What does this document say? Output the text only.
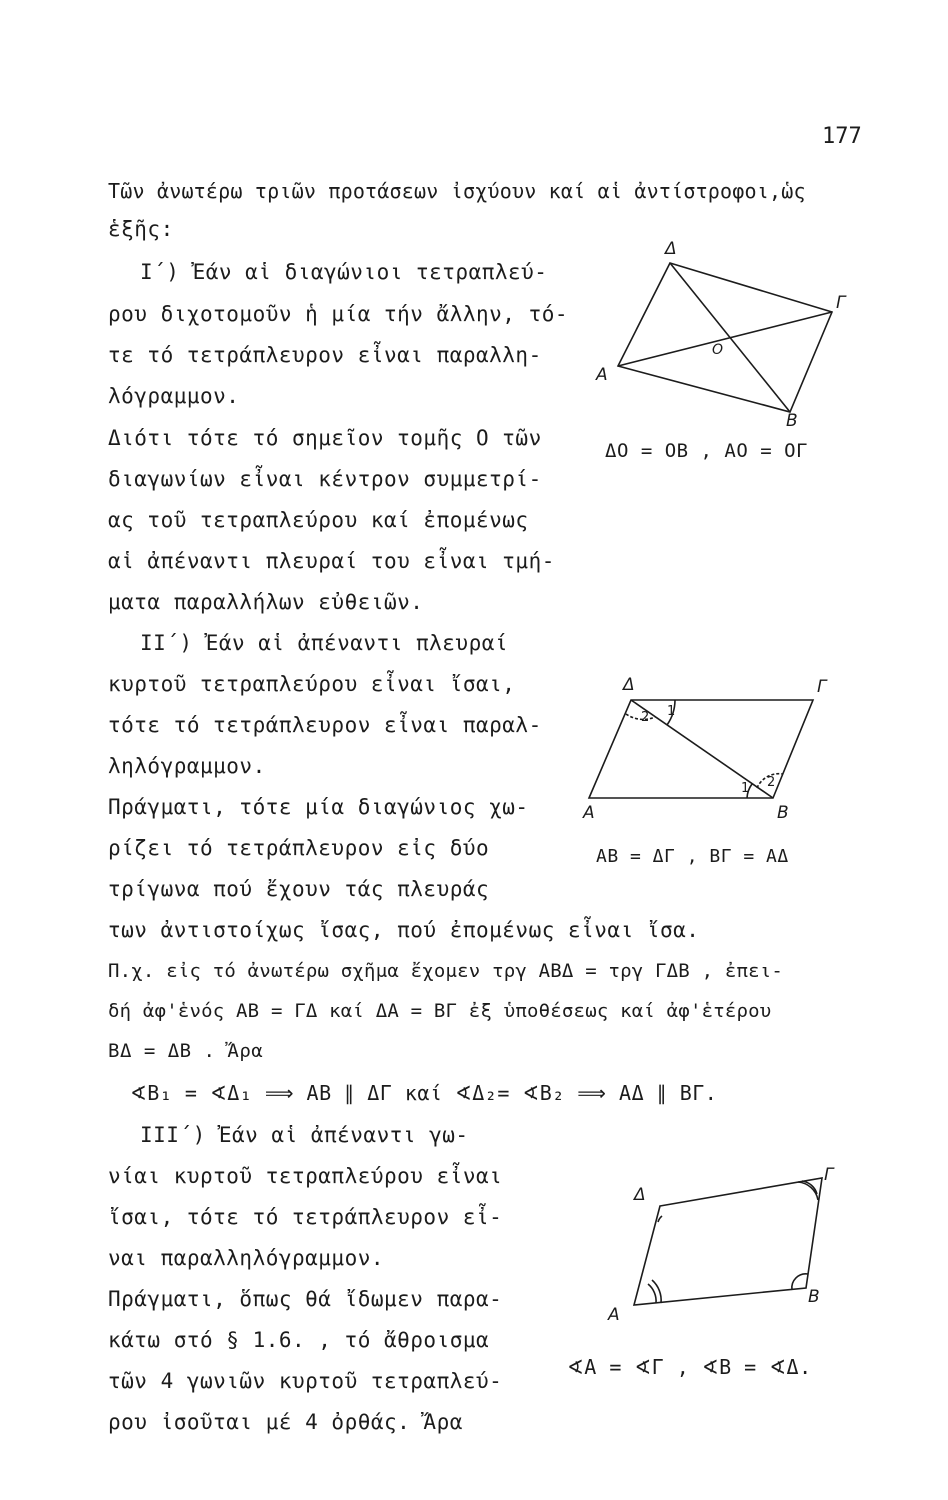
177
Τῶν ἀνωτέρω τριῶν προτάσεων ἰσχύουν καί αἱ ἀντίστροφοι,ὡς
ἑξῆς:
Ι΄) Ἐάν αἱ διαγώνιοι τετραπλεύ-
ρου διχοτομοῦν ἡ μία τήν ἄλλην, τό-
τε τό τετράπλευρον εἶναι παραλλη-
λόγραμμον.
Διότι τότε τό σημεῖον τομῆς Ο τῶν
διαγωνίων εἶναι κέντρον συμμετρί-
ας τοῦ τετραπλεύρου καί ἐπομένως
αἱ ἀπέναντι πλευραί του εἶναι τμή-
ματα παραλλήλων εὐθειῶν.
ΙΙ΄) Ἐάν αἱ ἀπέναντι πλευραί
κυρτοῦ τετραπλεύρου εἶναι ἴσαι,
τότε τό τετράπλευρον εἶναι παραλ-
ληλόγραμμον.
Πράγματι, τότε μία διαγώνιος χω-
ρίζει τό τετράπλευρον εἰς δύο
τρίγωνα πού ἔχουν τάς πλευράς
των ἀντιστοίχως ἴσας, πού ἐπομένως εἶναι ἴσα.
Π.χ. εἰς τό ἀνωτέρω σχῆμα ἔχομεν τργ ΑΒΔ = τργ ΓΔΒ , ἐπει-
δή ἀφ'ἑνός ΑΒ = ΓΔ καί ΔΑ = ΒΓ ἐξ ὑποθέσεως καί ἀφ'ἑτέρου
ΒΔ = ΔΒ . Ἄρα
∢Β₁ = ∢Δ₁ ⟹ ΑΒ ∥ ΔΓ καί ∢Δ₂= ∢Β₂ ⟹ ΑΔ ∥ ΒΓ.
ΙΙΙ΄) Ἐάν αἱ ἀπέναντι γω-
νίαι κυρτοῦ τετραπλεύρου εἶναι
ἴσαι, τότε τό τετράπλευρον εἶ-
ναι παραλληλόγραμμον.
Πράγματι, ὅπως θά ἴδωμεν παρα-
κάτω στό § 1.6. , τό ἄθροισμα
τῶν 4 γωνιῶν κυρτοῦ τετραπλεύ-
ρου ἰσοῦται μέ 4 ὀρθάς. Ἄρα
Δ
Γ
Α
Β
Ο
ΔΟ = ΟΒ , ΑΟ = ΟΓ
Δ	Γ
Α	Β
1
2
1 2
ΑΒ = ΔΓ , ΒΓ = ΑΔ
Δ
Γ
Α
Β
∢Α = ∢Γ , ∢Β = ∢Δ.
